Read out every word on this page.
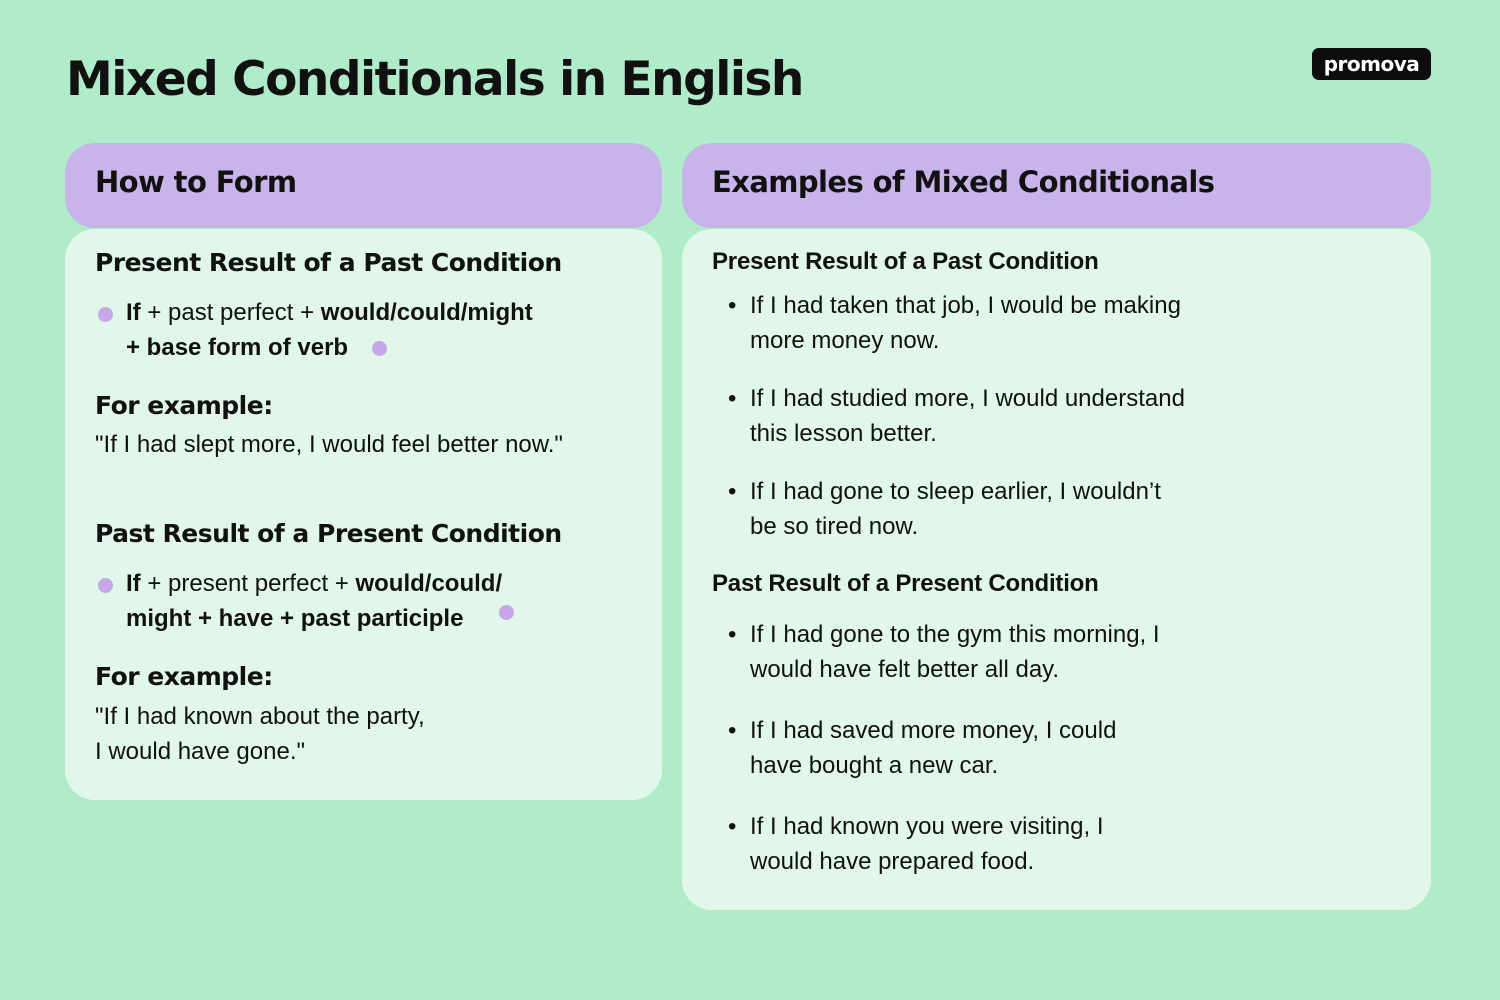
Mixed Conditionals in English	promova
How to Form
Present Result of a Past Condition
If + past perfect + would/could/might
+ base form of verb
For example:
"If I had slept more, I would feel better now."
Past Result of a Present Condition
If + present perfect + would/could/
might + have + past participle
For example:
"If I had known about the party,
I would have gone."
Examples of Mixed Conditionals
Present Result of a Past Condition
• If I had taken that job, I would be making more money now.
• If I had studied more, I would understand this lesson better.
• If I had gone to sleep earlier, I wouldn’t be so tired now.
Past Result of a Present Condition
• If I had gone to the gym this morning, I would have felt better all day.
• If I had saved more money, I could have bought a new car.
• If I had known you were visiting, I would have prepared food.
